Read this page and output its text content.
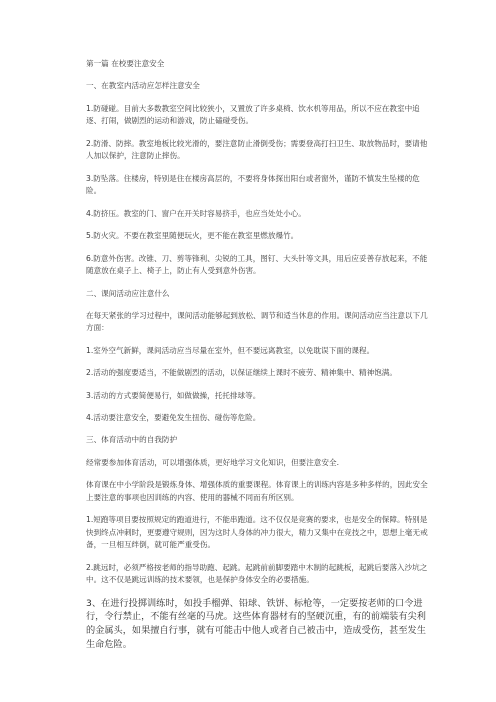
第一篇 在校要注意安全

一、在教室内活动应怎样注意安全

1.防碰碰。目前大多数教室空间比较狭小，又置放了许多桌椅、饮水机等用品，所以不应在教室中追逐、打闹，做剧烈的运动和游戏，防止磕碰受伤。

2.防滑、防摔。教室地板比较光滑的，要注意防止滑倒受伤；需要登高打扫卫生、取放物品时，要请他人加以保护，注意防止摔伤。

3.防坠落。住楼房，特别是住在楼房高层的，不要将身体探出阳台或者窗外，谨防不慎发生坠楼的危险。

4.防挤压。教室的门、窗户在开关时容易挤手，也应当处处小心。

5.防火灾。不要在教室里随便玩火，更不能在教室里燃放爆竹。

6.防意外伤害。改锥、刀、剪等锋利、尖锐的工具，图钉、大头针等文具，用后应妥善存放起来，不能随意放在桌子上、椅子上，防止有人受到意外伤害。

二、课间活动应注意什么

在每天紧张的学习过程中，课间活动能够起到放松、调节和适当休息的作用。课间活动应当注意以下几方面：

1.室外空气新鲜，课间活动应当尽量在室外，但不要远离教室，以免耽误下面的课程。

2.活动的强度要适当，不能做剧烈的活动，以保证继续上课时不疲劳、精神集中、精神饱满。

3.活动的方式要简便易行，如做做操，托托排球等。

4.活动要注意安全，要避免发生扭伤、碰伤等危险。

三、体育活动中的自我防护

经常要参加体育活动，可以增强体质，更好地学习文化知识，但要注意安全.

体育课在中小学阶段是锻炼身体、增强体质的重要课程。体育课上的训练内容是多种多样的，因此安全上要注意的事项也因训练的内容、使用的器械不同而有所区别。

1.短跑等项目要按照规定的跑道进行，不能串跑道。这不仅仅是竞赛的要求，也是安全的保障。特别是快到终点冲刺时，更要遵守规则，因为这时人身体的冲力很大，精力又集中在竞技之中，思想上毫无戒备，一旦相互绊倒，就可能严重受伤。

2.跳远时，必须严格按老师的指导助跑、起跳。起跳前前脚要踏中木制的起跳板，起跳后要落入沙坑之中。这不仅是跳远训练的技术要领，也是保护身体安全的必要措施。

3、在进行投掷训练时，如投手榴弹、铅球、铁饼、标枪等，一定要按老师的口令进行，令行禁止，不能有丝毫的马虎。这些体育器材有的坚硬沉重，有的前端装有尖利的金属头，如果擅自行事，就有可能击中他人或者自己被击中，造成受伤，甚至发生生命危险。
